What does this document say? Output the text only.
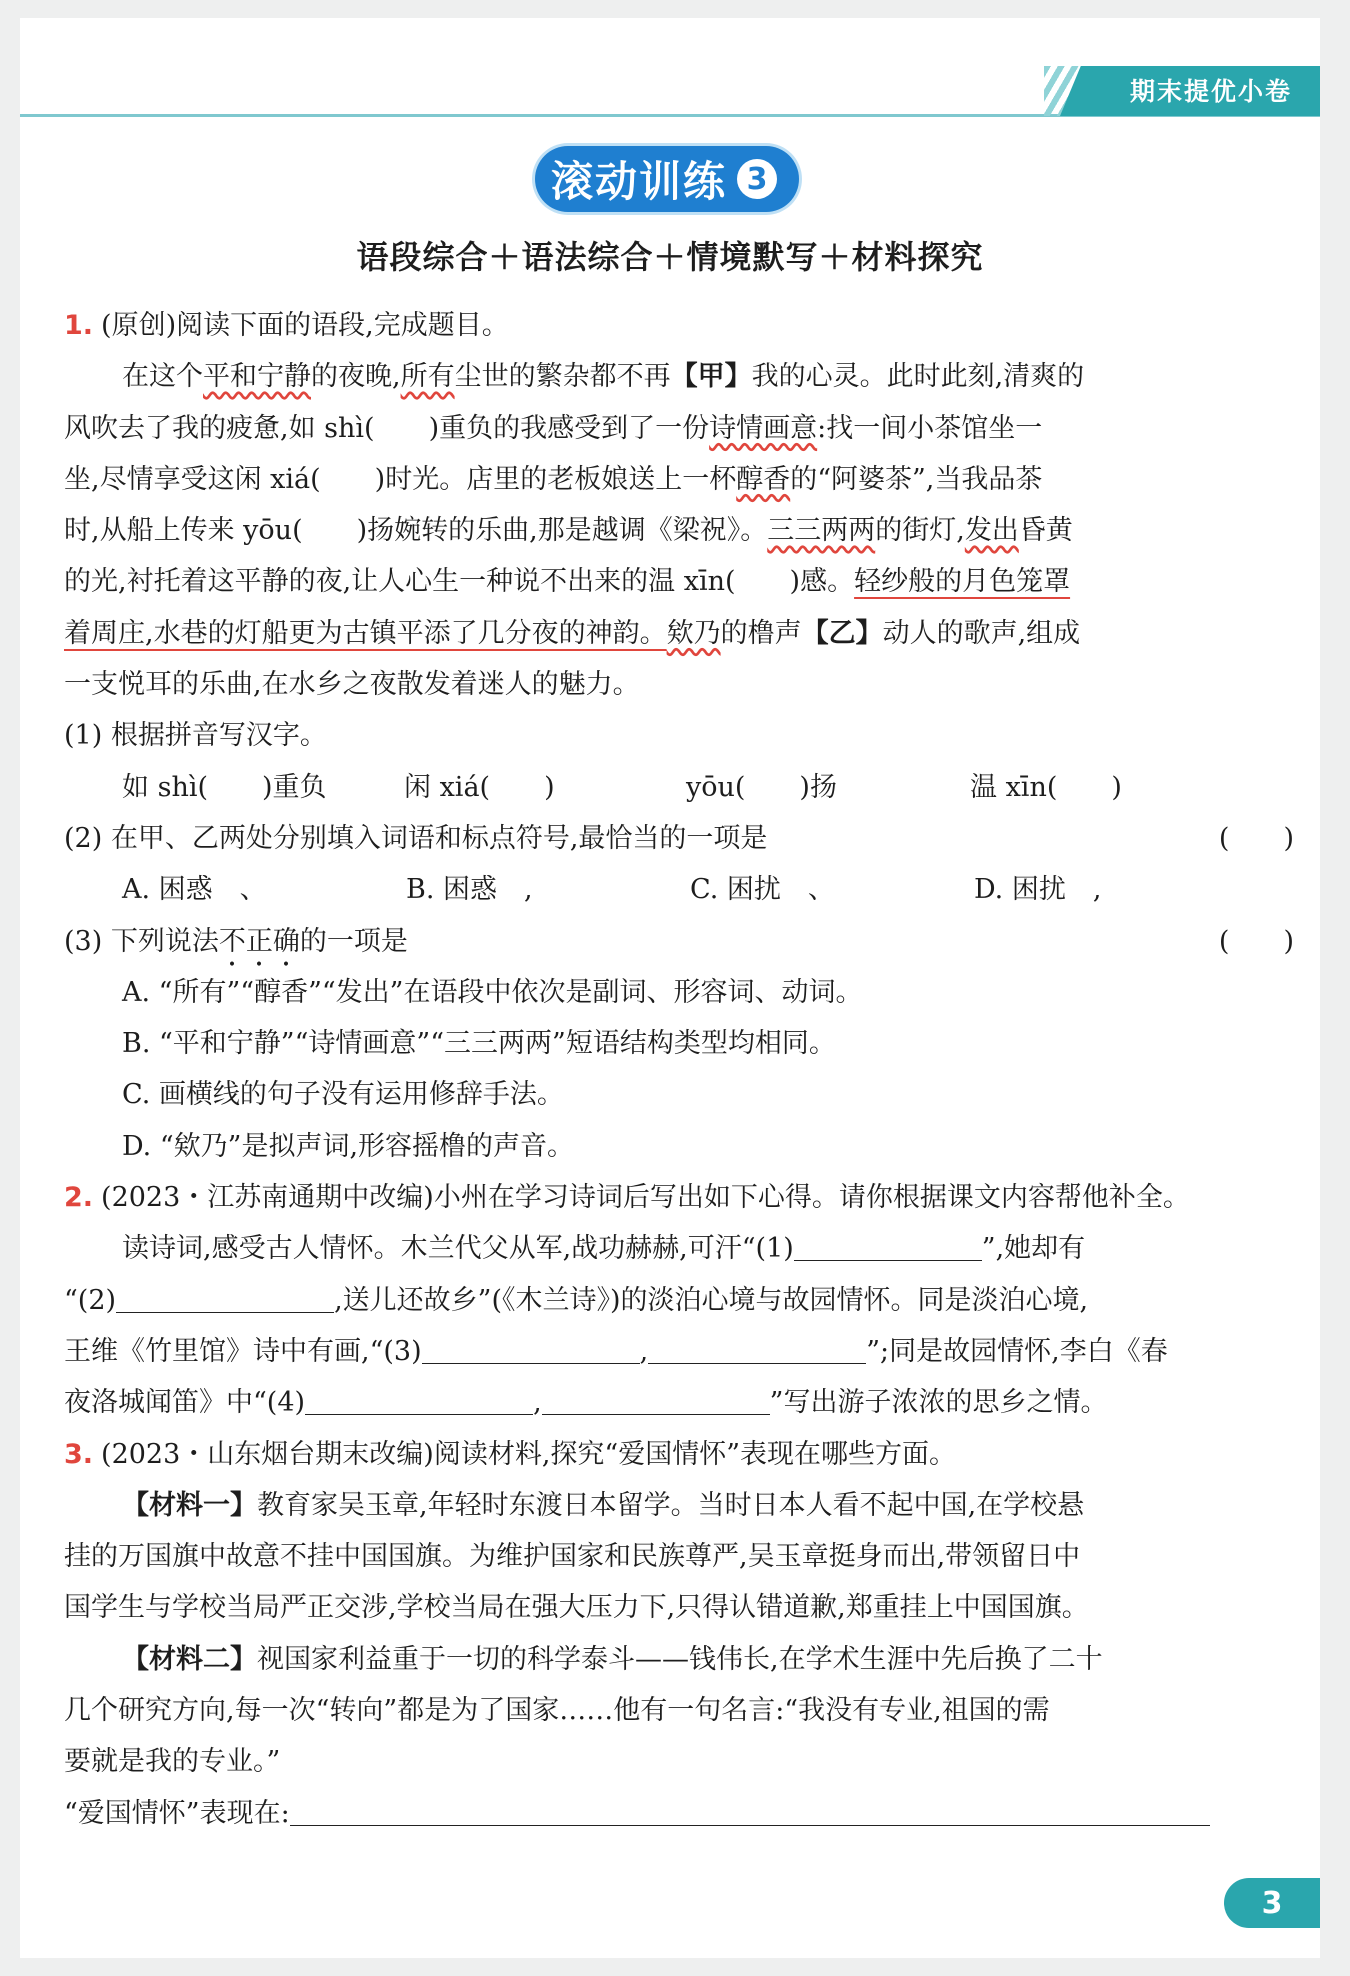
期末提优小卷
滚动训练 3
语段综合＋语法综合＋情境默写＋材料探究
1. (原创)阅读下面的语段,完成题目。
在这个平和宁静的夜晚,所有尘世的繁杂都不再【甲】我的心灵。此时此刻,清爽的
风吹去了我的疲惫,如 shì(　　)重负的我感受到了一份诗情画意:找一间小茶馆坐一
坐,尽情享受这闲 xiá(　　)时光。店里的老板娘送上一杯醇香的“阿婆茶”,当我品茶
时,从船上传来 yōu(　　)扬婉转的乐曲,那是越调《梁祝》。三三两两的街灯,发出昏黄
的光,衬托着这平静的夜,让人心生一种说不出来的温 xīn(　　)感。轻纱般的月色笼罩
着周庄,水巷的灯船更为古镇平添了几分夜的神韵。欸乃的橹声【乙】动人的歌声,组成
一支悦耳的乐曲,在水乡之夜散发着迷人的魅力。
(1) 根据拼音写汉字。
如 shì(　　)重负	闲 xiá(　　)	yōu(　　)扬	温 xīn(　　)
(2) 在甲、乙两处分别填入词语和标点符号,最恰当的一项是	(　　)
A. 困惑　、	B. 困惑　,	C. 困扰　、	D. 困扰　,
(3) 下列说法不正确的一项是	(　　)
A. “所有”“醇香”“发出”在语段中依次是副词、形容词、动词。
B. “平和宁静”“诗情画意”“三三两两”短语结构类型均相同。
C. 画横线的句子没有运用修辞手法。
D. “欸乃”是拟声词,形容摇橹的声音。
2. (2023・江苏南通期中改编)小州在学习诗词后写出如下心得。请你根据课文内容帮他补全。
读诗词,感受古人情怀。木兰代父从军,战功赫赫,可汗“(1)	”,她却有
“(2)	,送儿还故乡”(《木兰诗》)的淡泊心境与故园情怀。同是淡泊心境,
王维《竹里馆》诗中有画,“(3)	,	”;同是故园情怀,李白《春
夜洛城闻笛》中“(4)	,	”写出游子浓浓的思乡之情。
3. (2023・山东烟台期末改编)阅读材料,探究“爱国情怀”表现在哪些方面。
【材料一】教育家吴玉章,年轻时东渡日本留学。当时日本人看不起中国,在学校悬
挂的万国旗中故意不挂中国国旗。为维护国家和民族尊严,吴玉章挺身而出,带领留日中
国学生与学校当局严正交涉,学校当局在强大压力下,只得认错道歉,郑重挂上中国国旗。
【材料二】视国家利益重于一切的科学泰斗——钱伟长,在学术生涯中先后换了二十
几个研究方向,每一次“转向”都是为了国家……他有一句名言:“我没有专业,祖国的需
要就是我的专业。”
“爱国情怀”表现在:
3
